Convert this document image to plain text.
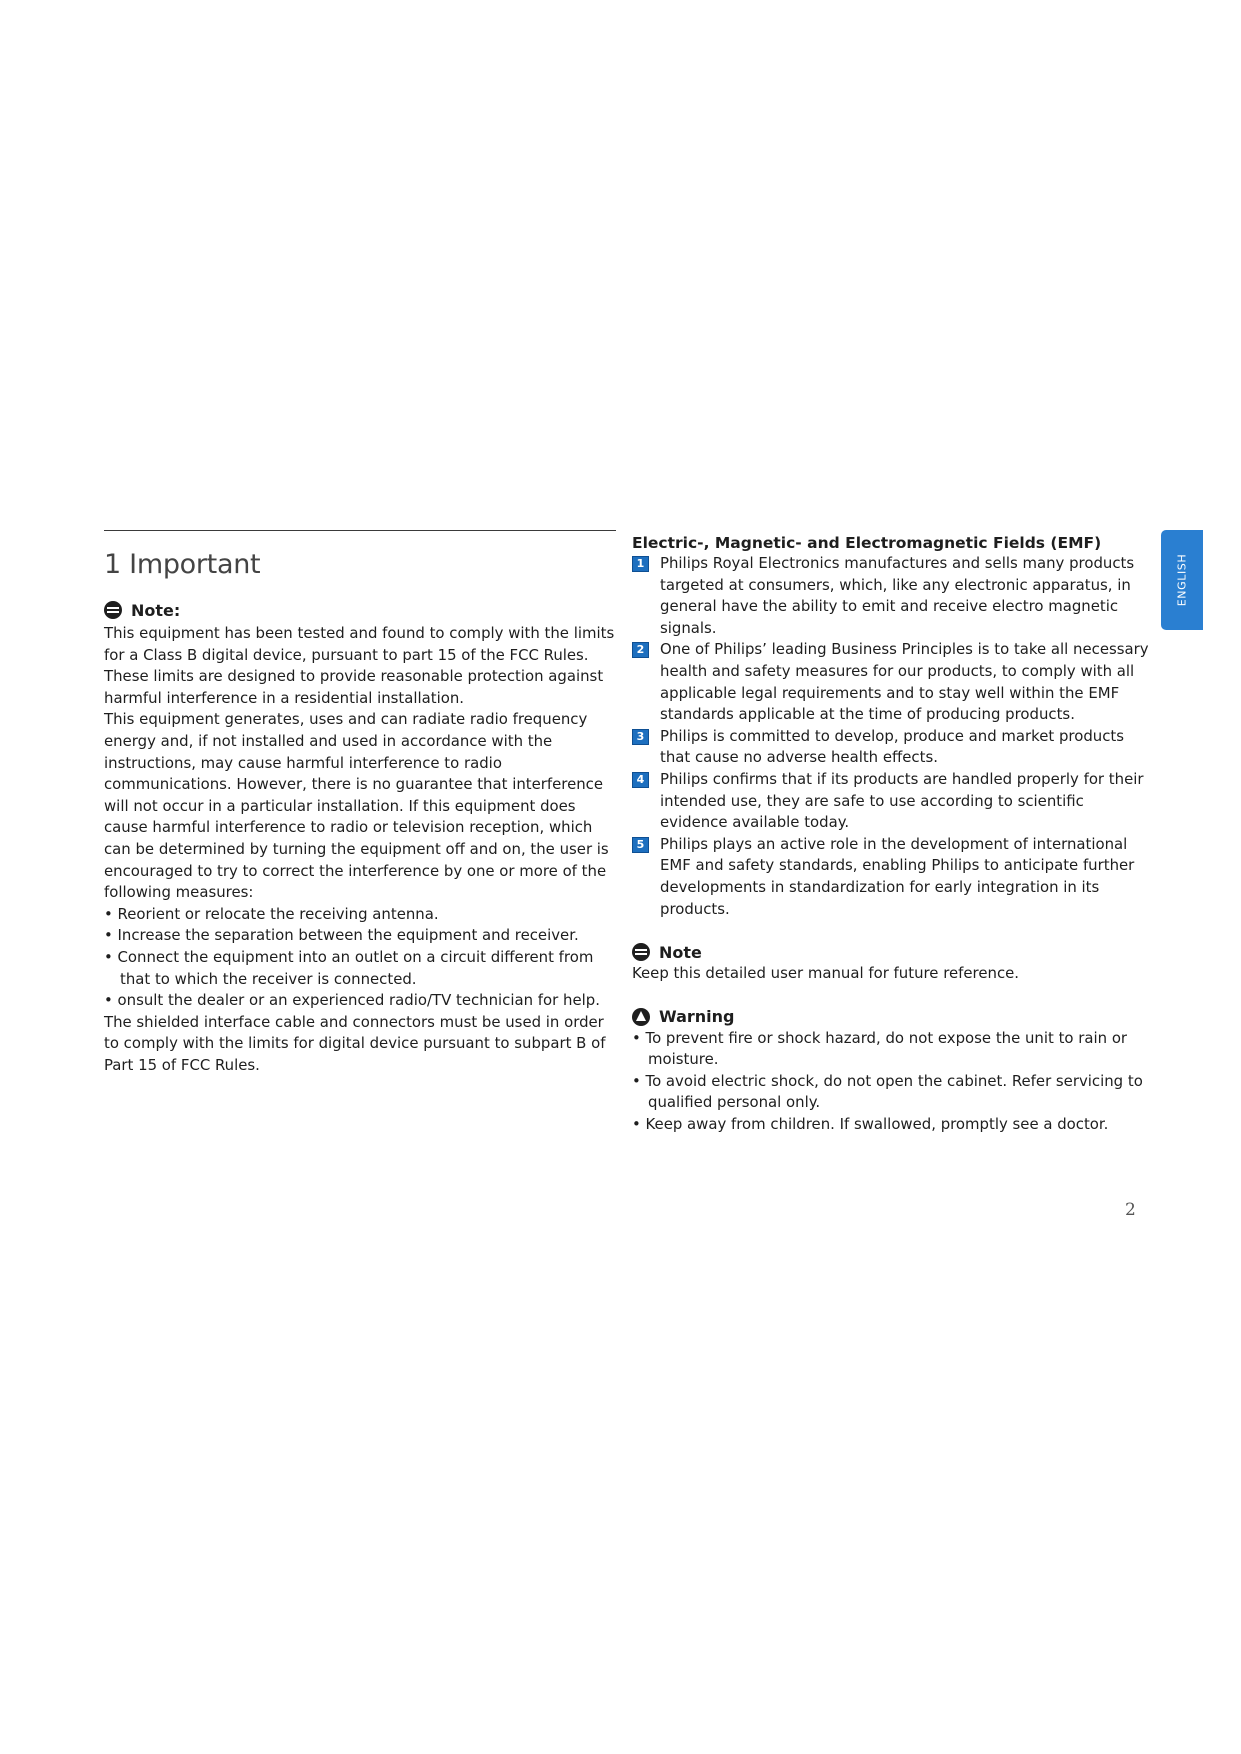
ENGLISH
1 Important
Note:

This equipment has been tested and found to comply with the limits for a Class B digital device, pursuant to part 15 of the FCC Rules. These limits are designed to provide reasonable protection against harmful interference in a residential installation.

This equipment generates, uses and can radiate radio frequency energy and, if not installed and used in accordance with the instructions, may cause harmful interference to radio communications. However, there is no guarantee that interference will not occur in a particular installation. If this equipment does cause harmful interference to radio or television reception, which can be determined by turning the equipment off and on, the user is encouraged to try to correct the interference by one or more of the following measures:

• Reorient or relocate the receiving antenna.

• Increase the separation between the equipment and receiver.

• Connect the equipment into an outlet on a circuit different from that to which the receiver is connected.

• onsult the dealer or an experienced radio/TV technician for help.

The shielded interface cable and connectors must be used in order to comply with the limits for digital device pursuant to subpart B of Part 15 of FCC Rules.

Electric-, Magnetic- and Electromagnetic Fields (EMF)
1	Philips Royal Electronics manufactures and sells many products targeted at consumers, which, like any electronic apparatus, in general have the ability to emit and receive electro magnetic signals.

2	One of Philips’ leading Business Principles is to take all necessary health and safety measures for our products, to comply with all applicable legal requirements and to stay well within the EMF standards applicable at the time of producing products.

3	Philips is committed to develop, produce and market products that cause no adverse health effects.

4	Philips confirms that if its products are handled properly for their intended use, they are safe to use according to scientific evidence available today.

5	Philips plays an active role in the development of international EMF and safety standards, enabling Philips to anticipate further developments in standardization for early integration in its products.

Note

Keep this detailed user manual for future reference.

Warning

• To prevent fire or shock hazard, do not expose the unit to rain or moisture.

• To avoid electric shock, do not open the cabinet. Refer servicing to qualified personal only.

• Keep away from children. If swallowed, promptly see a doctor.

2
